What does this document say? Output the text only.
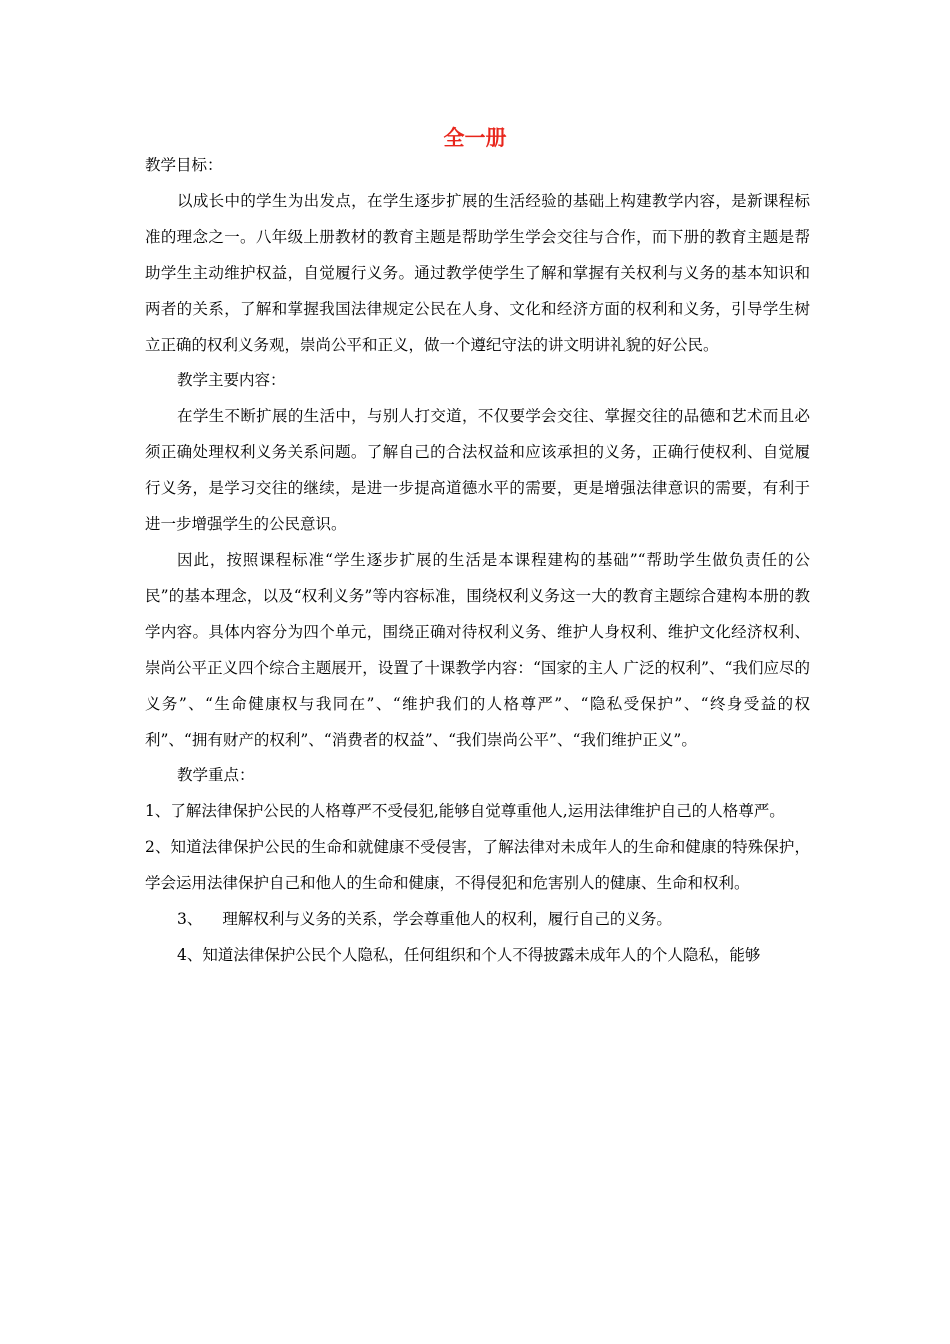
全一册

教学目标：

以成长中的学生为出发点，在学生逐步扩展的生活经验的基础上构建教学内容，是新课程标准的理念之一。八年级上册教材的教育主题是帮助学生学会交往与合作，而下册的教育主题是帮助学生主动维护权益，自觉履行义务。通过教学使学生了解和掌握有关权利与义务的基本知识和两者的关系，了解和掌握我国法律规定公民在人身、文化和经济方面的权利和义务，引导学生树立正确的权利义务观，崇尚公平和正义，做一个遵纪守法的讲文明讲礼貌的好公民。

教学主要内容：

在学生不断扩展的生活中，与别人打交道，不仅要学会交往、掌握交往的品德和艺术而且必须正确处理权利义务关系问题。了解自己的合法权益和应该承担的义务，正确行使权利、自觉履行义务，是学习交往的继续，是进一步提高道德水平的需要，更是增强法律意识的需要，有利于进一步增强学生的公民意识。

因此，按照课程标准“学生逐步扩展的生活是本课程建构的基础”“帮助学生做负责任的公民”的基本理念，以及“权利义务”等内容标准，围绕权利义务这一大的教育主题综合建构本册的教学内容。具体内容分为四个单元，围绕正确对待权利义务、维护人身权利、维护文化经济权利、崇尚公平正义四个综合主题展开，设置了十课教学内容：“国家的主人 广泛的权利”、“我们应尽的义务”、“生命健康权与我同在”、“维护我们的人格尊严”、“隐私受保护”、“终身受益的权利”、“拥有财产的权利”、“消费者的权益”、“我们崇尚公平”、“我们维护正义”。

教学重点：

1、了解法律保护公民的人格尊严不受侵犯,能够自觉尊重他人,运用法律维护自己的人格尊严。

2、知道法律保护公民的生命和就健康不受侵害，了解法律对未成年人的生命和健康的特殊保护，学会运用法律保护自己和他人的生命和健康，不得侵犯和危害别人的健康、生命和权利。

3、 理解权利与义务的关系，学会尊重他人的权利，履行自己的义务。

4、知道法律保护公民个人隐私，任何组织和个人不得披露未成年人的个人隐私，能够
